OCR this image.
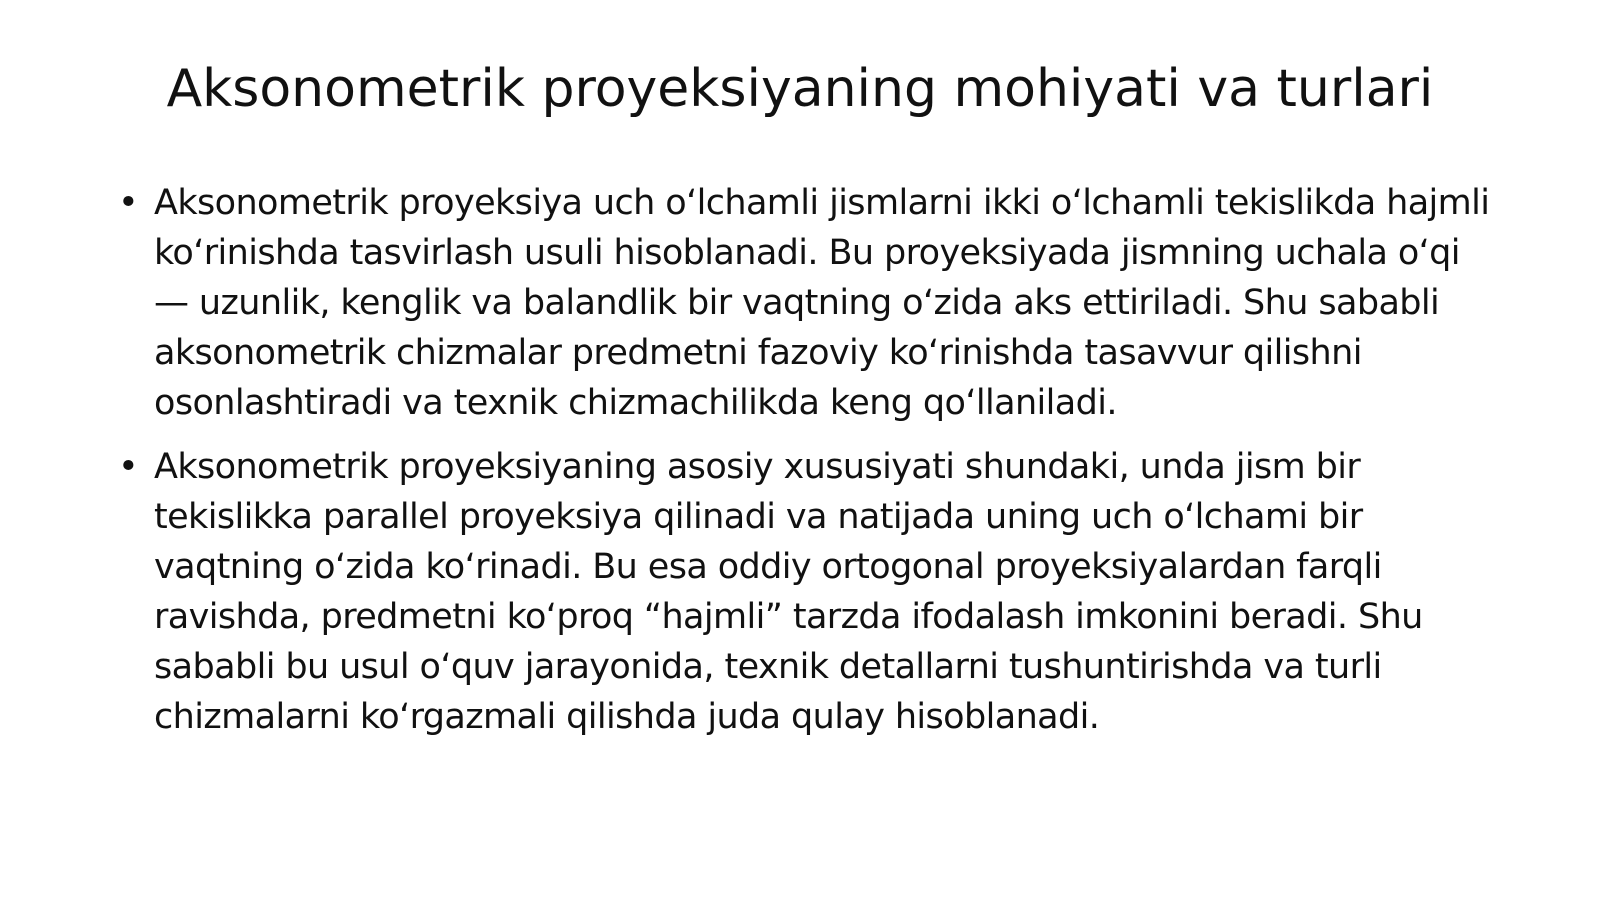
Aksonometrik proyeksiyaning mohiyati va turlari
• Aksonometrik proyeksiya uch oʻlchamli jismlarni ikki oʻlchamli tekislikda hajmli koʻrinishda tasvirlash usuli hisoblanadi. Bu proyeksiyada jismning uchala oʻqi — uzunlik, kenglik va balandlik bir vaqtning oʻzida aks ettiriladi. Shu sababli aksonometrik chizmalar predmetni fazoviy koʻrinishda tasavvur qilishni osonlashtiradi va texnik chizmachilikda keng qoʻllaniladi.
• Aksonometrik proyeksiyaning asosiy xususiyati shundaki, unda jism bir tekislikka parallel proyeksiya qilinadi va natijada uning uch oʻlchami bir vaqtning oʻzida koʻrinadi. Bu esa oddiy ortogonal proyeksiyalardan farqli ravishda, predmetni koʻproq “hajmli” tarzda ifodalash imkonini beradi. Shu sababli bu usul oʻquv jarayonida, texnik detallarni tushuntirishda va turli chizmalarni koʻrgazmali qilishda juda qulay hisoblanadi.
